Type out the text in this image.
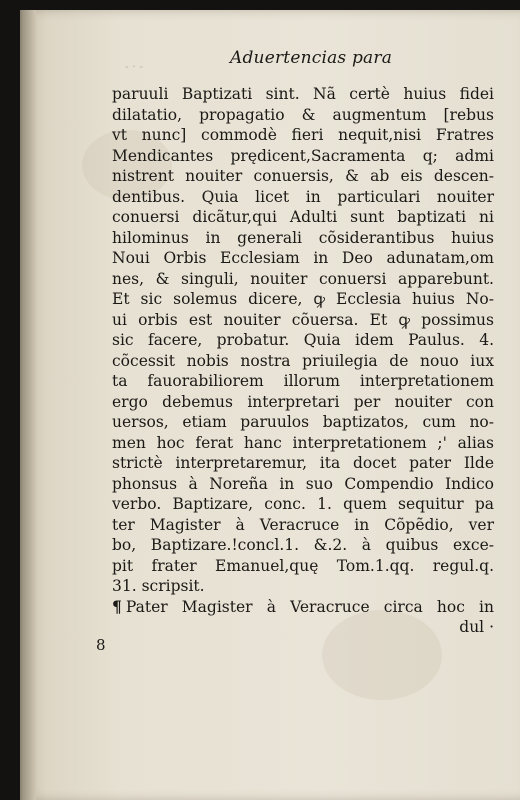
- · -	Aduertencias para
8
paruuli Baptizati sint. Nã certè huius fidei
dilatatio, propagatio & augmentum [rebus
vt nunc] commodè fieri nequit,nisi Fratres
Mendicantes prędicent,Sacramenta q; admi
nistrent nouiter conuersis, & ab eis descen-
dentibus. Quia licet in particulari nouiter
conuersi dicãtur,qui Adulti sunt baptizati ni
hilominus in generali cõsiderantibus huius
Noui Orbis Ecclesiam in Deo adunatam,om
nes, & singuli, nouiter conuersi apparebunt.
Et sic solemus dicere, ꝙ Ecclesia huius No-
ui orbis est nouiter cõuersa. Et ꝙ possimus
sic facere, probatur. Quia idem Paulus. 4.
cõcessit nobis nostra priuilegia de nouo iux
ta fauorabiliorem illorum interpretationem
ergo debemus interpretari per nouiter con
uersos, etiam paruulos baptizatos, cum no-
men hoc ferat hanc interpretationem ;' alias
strictè interpretaremur, ita docet pater Ilde
phonsus à Noreña in suo Compendio Indico
verbo. Baptizare, conc. 1. quem sequitur pa
ter Magister à Veracruce in Cõpẽdio, ver
bo, Baptizare.!concl.1. &.2. à quibus exce-
pit frater Emanuel,quę Tom.1.qq. regul.q.
31. scripsit.
¶ Pater Magister à Veracruce circa hoc in
dul ·
